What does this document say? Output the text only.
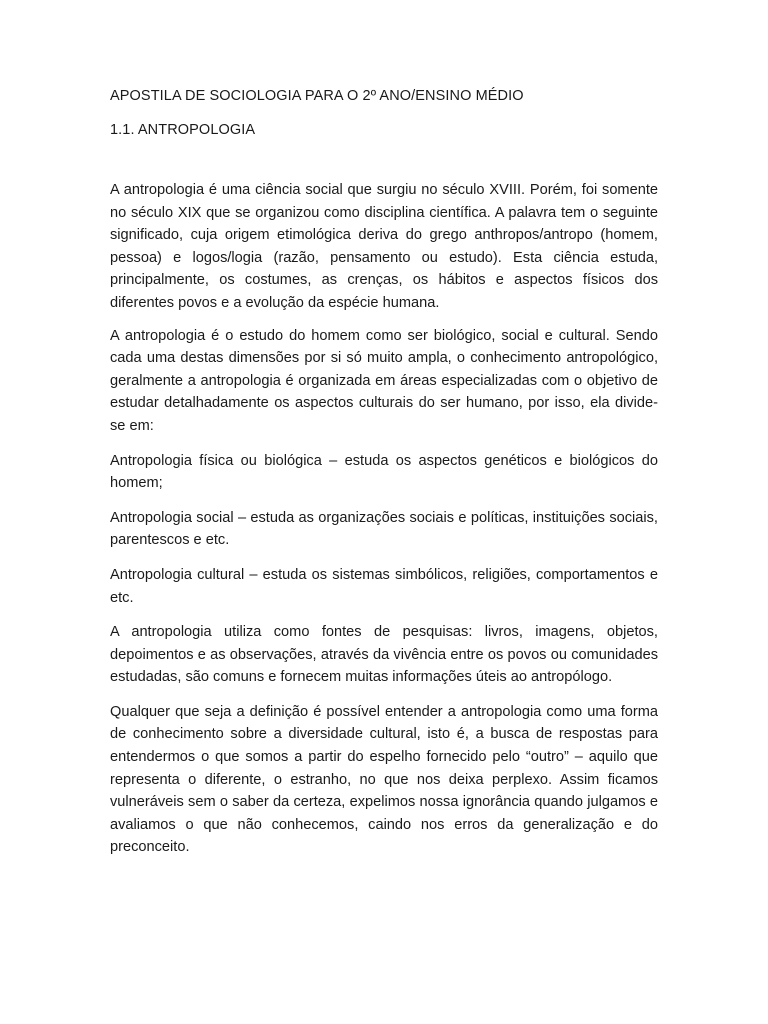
APOSTILA DE SOCIOLOGIA PARA O 2º ANO/ENSINO MÉDIO
1.1. ANTROPOLOGIA

A antropologia é uma ciência social que surgiu no século XVIII. Porém, foi somente no século XIX que se organizou como disciplina científica. A palavra tem o seguinte significado, cuja origem etimológica deriva do grego anthropos/antropo (homem, pessoa) e logos/logia (razão, pensamento ou estudo). Esta ciência estuda, principalmente, os costumes, as crenças, os hábitos e aspectos físicos dos diferentes povos e a evolução da espécie humana.

A antropologia é o estudo do homem como ser biológico, social e cultural. Sendo cada uma destas dimensões por si só muito ampla, o conhecimento antropológico, geralmente a antropologia é organizada em áreas especializadas com o objetivo de estudar detalhadamente os aspectos culturais do ser humano, por isso, ela divide-se em:

Antropologia física ou biológica – estuda os aspectos genéticos e biológicos do homem;

Antropologia social – estuda as organizações sociais e políticas, instituições sociais, parentescos e etc.

Antropologia cultural – estuda os sistemas simbólicos, religiões, comportamentos e etc.

A antropologia utiliza como fontes de pesquisas: livros, imagens, objetos, depoimentos e as observações, através da vivência entre os povos ou comunidades estudadas, são comuns e fornecem muitas informações úteis ao antropólogo.

Qualquer que seja a definição é possível entender a antropologia como uma forma de conhecimento sobre a diversidade cultural, isto é, a busca de respostas para entendermos o que somos a partir do espelho fornecido pelo “outro” – aquilo que representa o diferente, o estranho, no que nos deixa perplexo. Assim ficamos vulneráveis sem o saber da certeza, expelimos nossa ignorância quando julgamos e avaliamos o que não conhecemos, caindo nos erros da generalização e do preconceito.
